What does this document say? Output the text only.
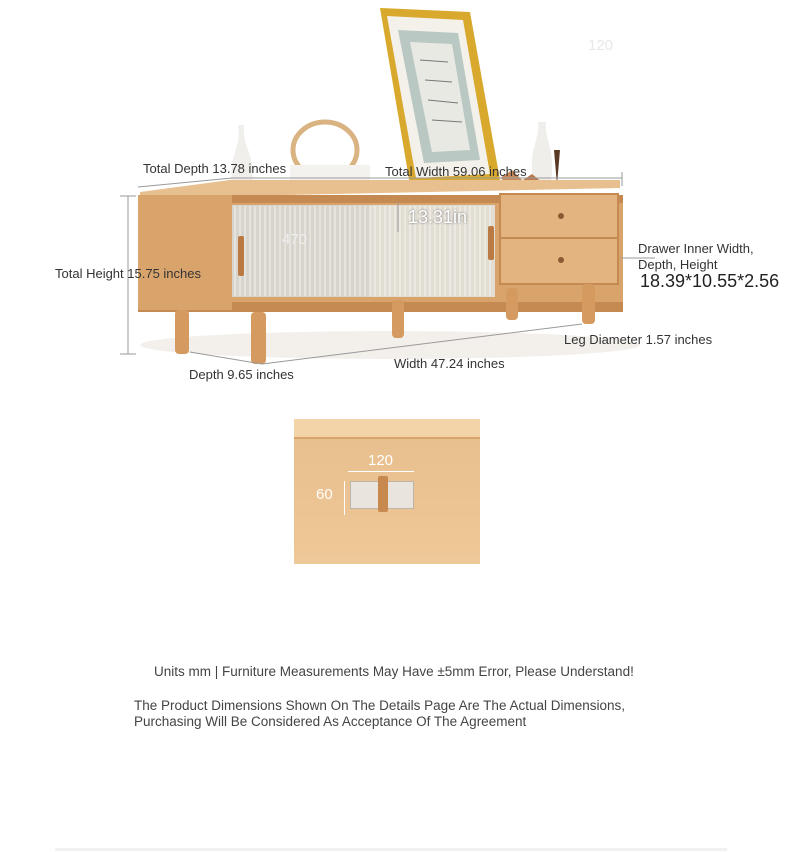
Total Depth 13.78 inches	Total Width 59.06 inches
Total Height 15.75 inches
Depth 9.65 inches
Width 47.24 inches
Leg Diameter 1.57 inches
Drawer Inner Width,
Depth, Height
18.39*10.55*2.56
13.31in
470
120
120
60
Units mm | Furniture Measurements May Have ±5mm Error, Please Understand!
The Product Dimensions Shown On The Details Page Are The Actual Dimensions,
Purchasing Will Be Considered As Acceptance Of The Agreement
